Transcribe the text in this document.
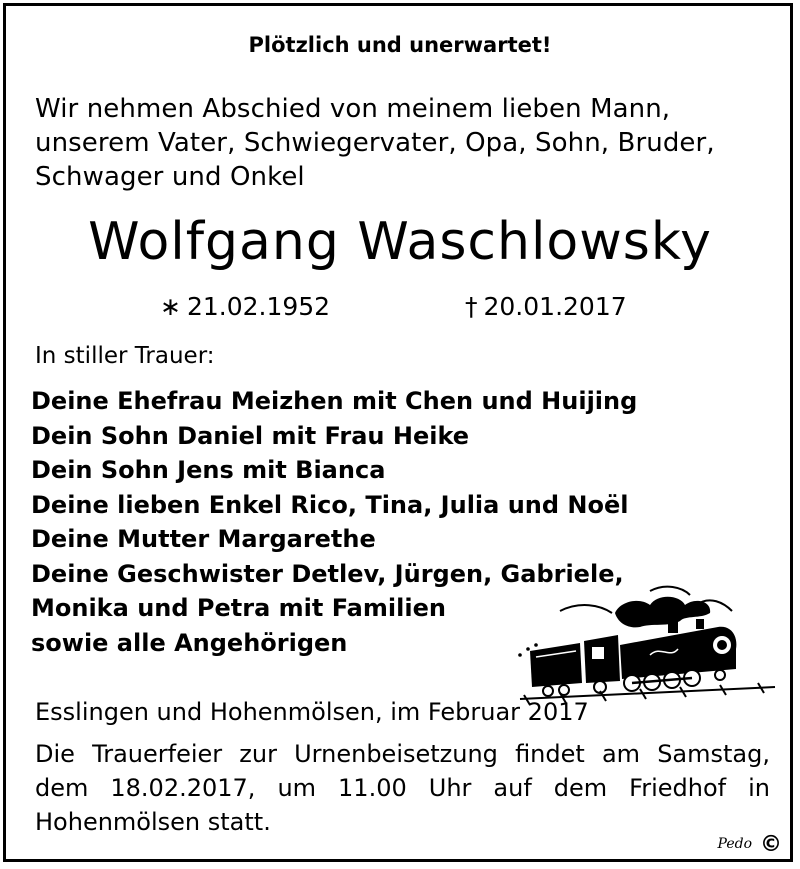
Plötzlich und unerwartet!
Wir nehmen Abschied von meinem lieben Mann, unserem Vater, Schwiegervater, Opa, Sohn, Bruder, Schwager und Onkel
Wolfgang Waschlowsky
∗ 21.02.1952	† 20.01.2017
In stiller Trauer:
Deine Ehefrau Meizhen mit Chen und Huijing
Dein Sohn Daniel mit Frau Heike
Dein Sohn Jens mit Bianca
Deine lieben Enkel Rico, Tina, Julia und Noël
Deine Mutter Margarethe
Deine Geschwister Detlev, Jürgen, Gabriele,
Monika und Petra mit Familien
sowie alle Angehörigen
Esslingen und Hohenmölsen, im Februar 2017
Die Trauerfeier zur Urnenbeisetzung findet am Samstag, dem 18.02.2017, um 11.00 Uhr auf dem Friedhof in Hohenmölsen statt.
Pedo ©
